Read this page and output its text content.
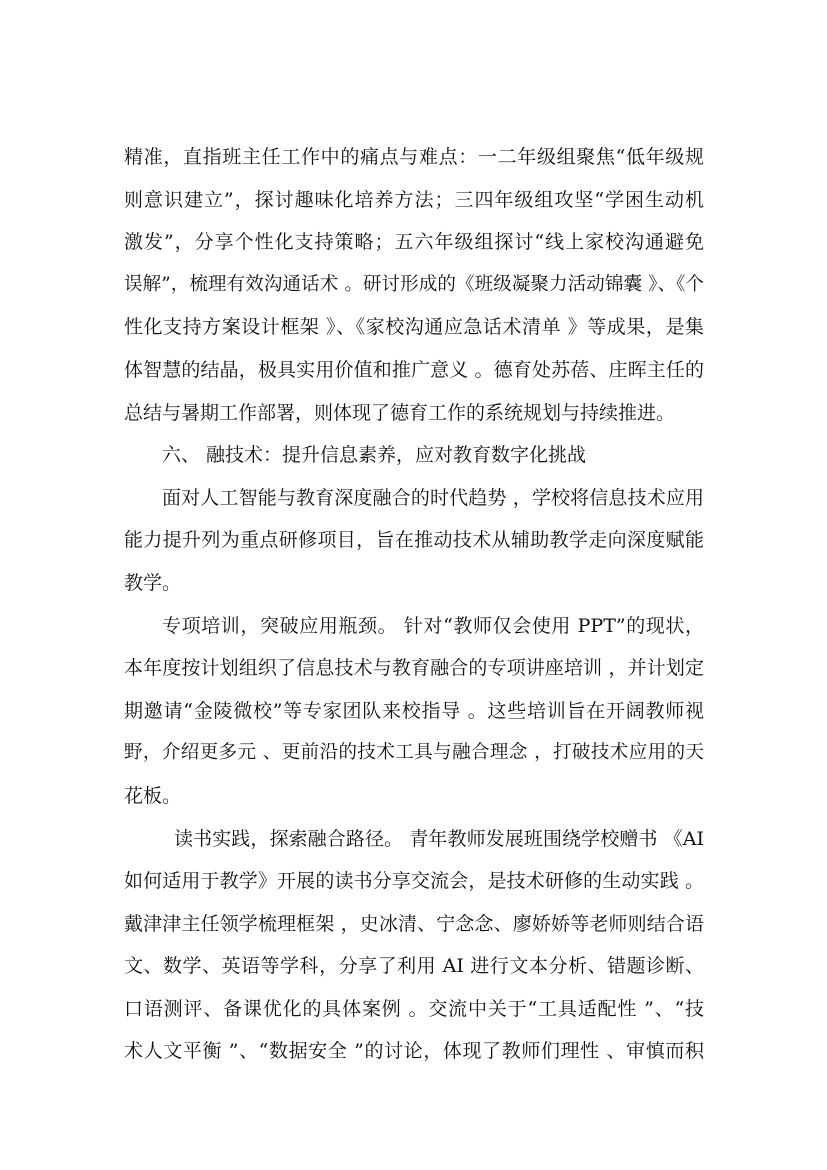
精准，直指班主任工作中的痛点与难点：一二年级组聚焦“低年级规
则意识建立”，探讨趣味化培养方法；三四年级组攻坚“学困生动机
激发”，分享个性化支持策略；五六年级组探讨“线上家校沟通避免
误解”，梳理有效沟通话术 。研讨形成的《班级凝聚力活动锦囊 》、《个
性化支持方案设计框架 》、《家校沟通应急话术清单 》等成果，是集
体智慧的结晶，极具实用价值和推广意义 。德育处苏蓓、庄晖主任的
总结与暑期工作部署，则体现了德育工作的系统规划与持续推进。
六、 融技术：提升信息素养，应对教育数字化挑战
面对人工智能与教育深度融合的时代趋势 ，学校将信息技术应用
能力提升列为重点研修项目，旨在推动技术从辅助教学走向深度赋能
教学。
专项培训，突破应用瓶颈。 针对“教师仅会使用 PPT”的现状，
本年度按计划组织了信息技术与教育融合的专项讲座培训 ，并计划定
期邀请“金陵微校”等专家团队来校指导 。这些培训旨在开阔教师视
野，介绍更多元 、更前沿的技术工具与融合理念 ，打破技术应用的天
花板。
读书实践，探索融合路径。 青年教师发展班围绕学校赠书 《AI
如何适用于教学》开展的读书分享交流会，是技术研修的生动实践 。
戴津津主任领学梳理框架 ，史冰清、宁念念、廖娇娇等老师则结合语
文、数学、英语等学科，分享了利用 AI 进行文本分析、错题诊断、
口语测评、备课优化的具体案例 。交流中关于“工具适配性 ”、“技
术人文平衡 ”、“数据安全 ”的讨论，体现了教师们理性 、审慎而积
